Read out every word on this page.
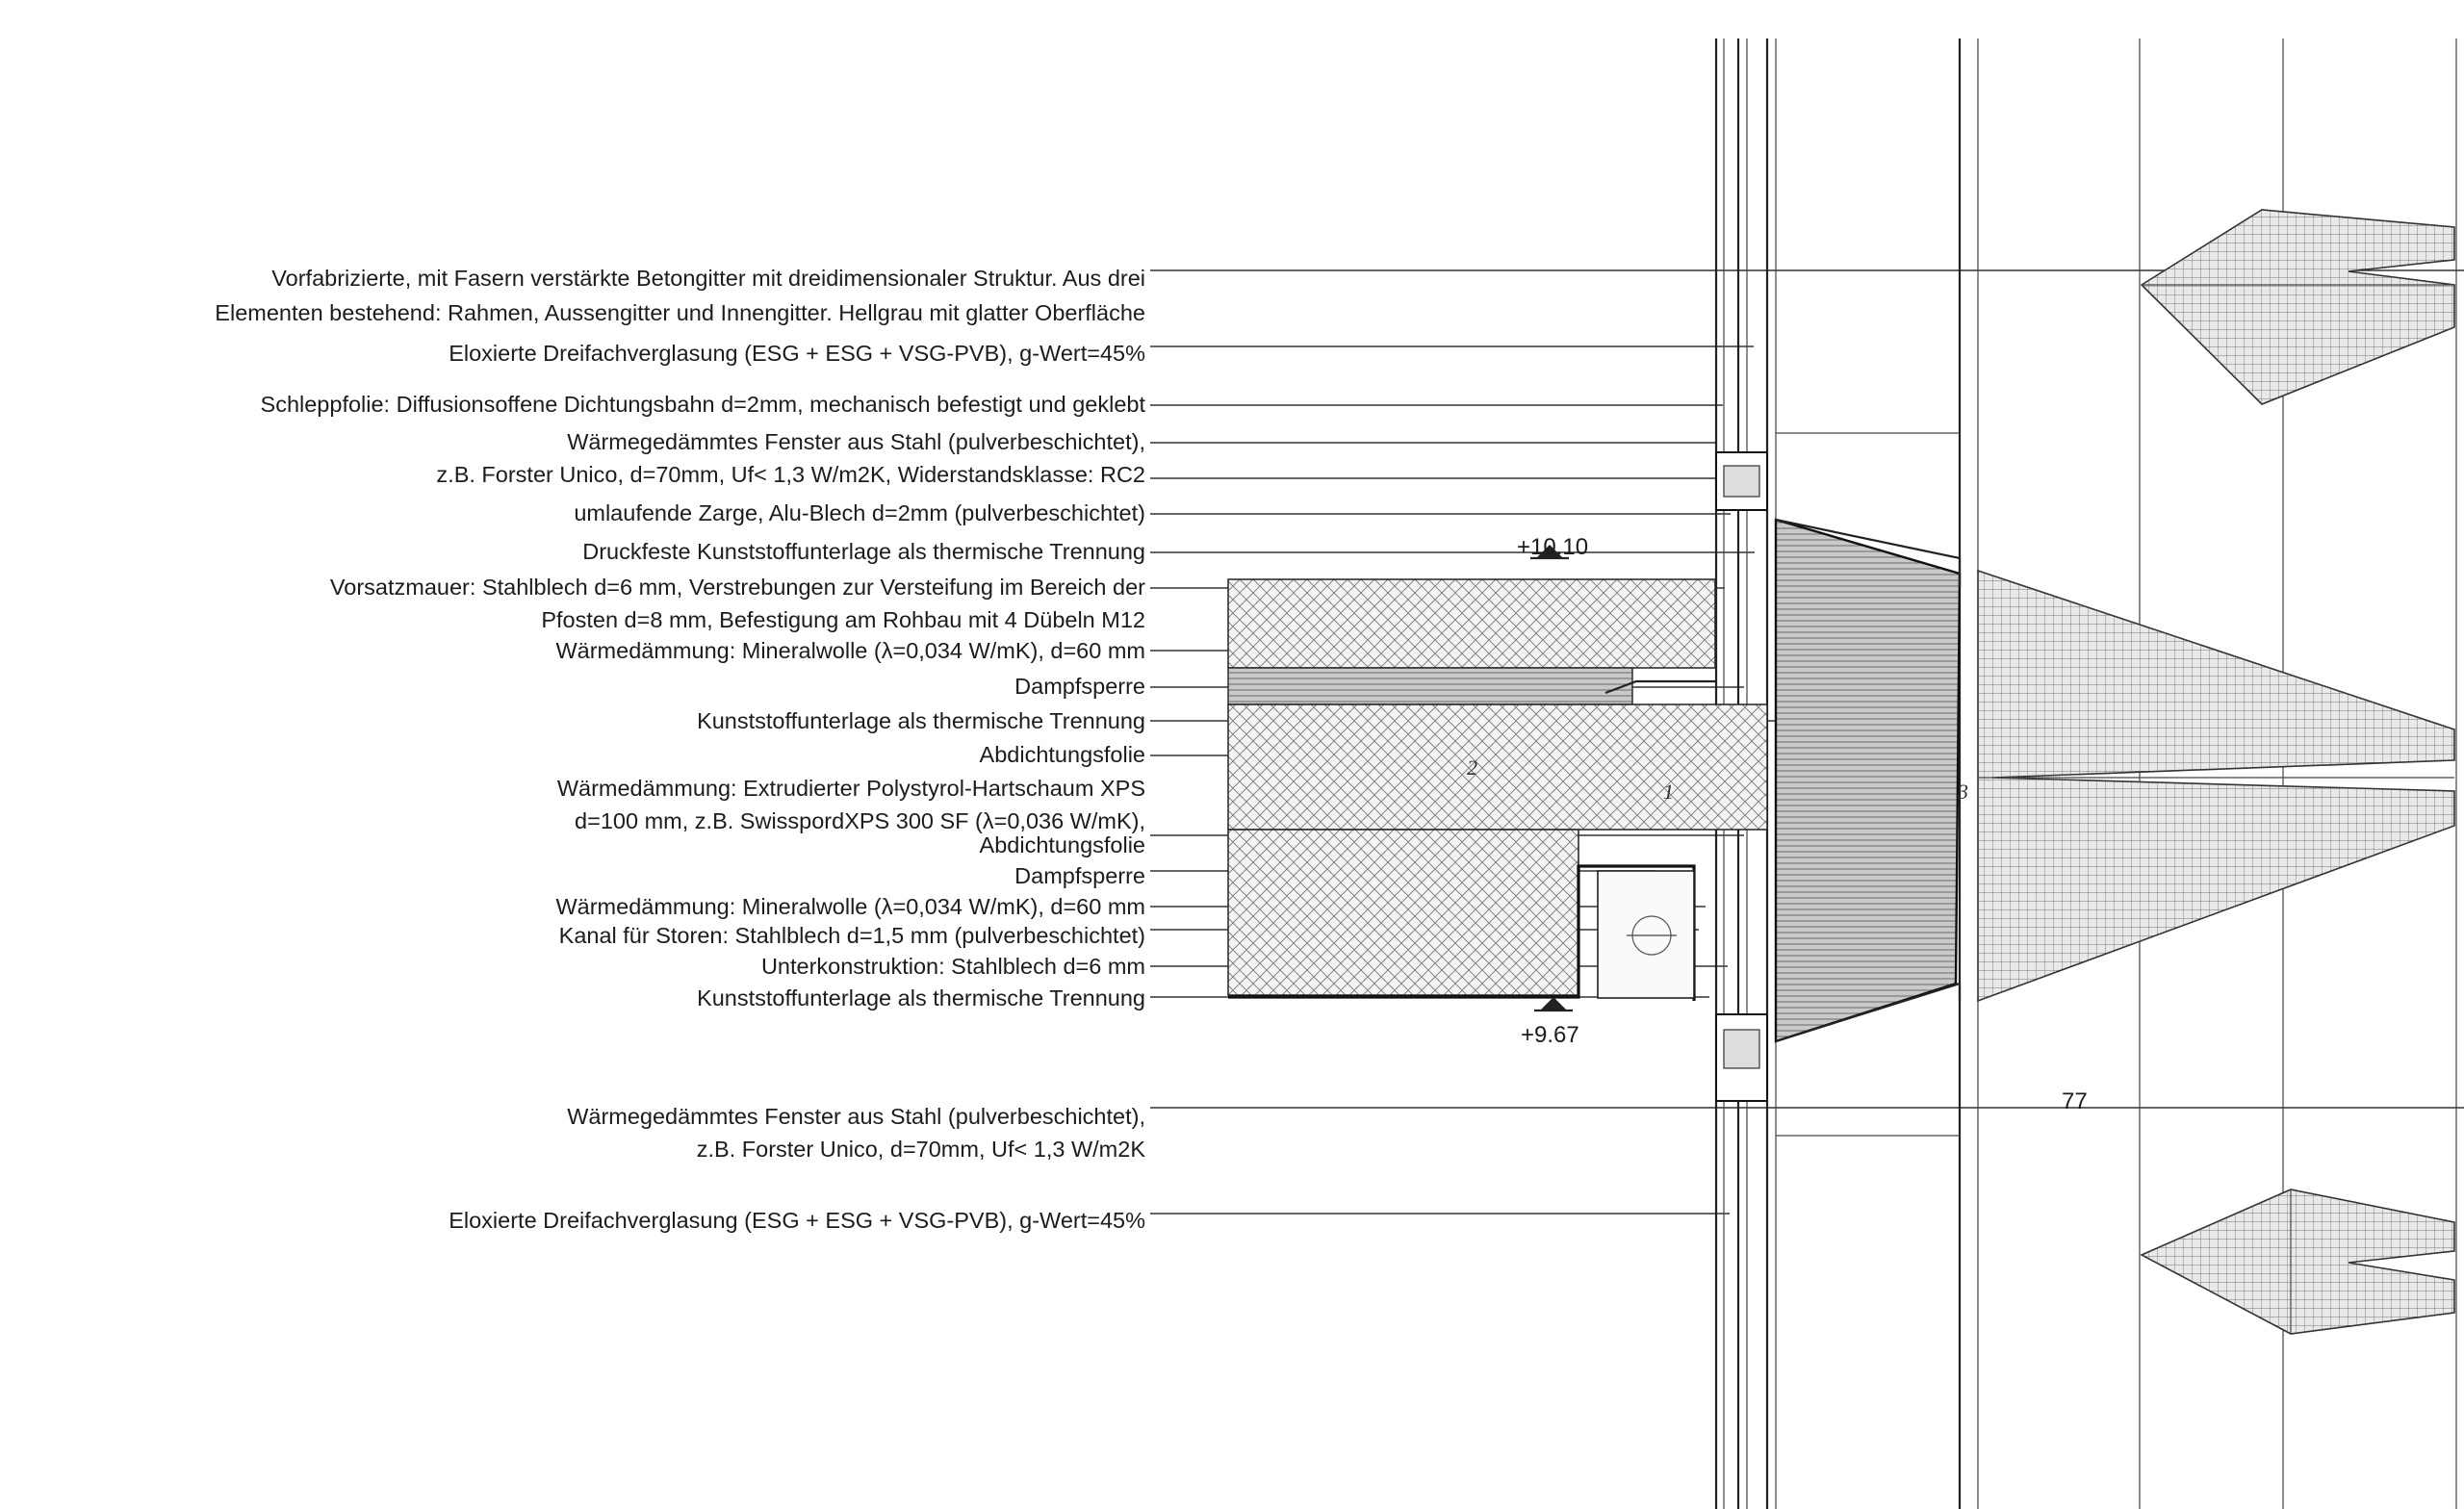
Vorfabrizierte, mit Fasern verstärkte Betongitter mit dreidimensionaler Struktur. Aus drei
Elementen bestehend: Rahmen, Aussengitter und Innengitter. Hellgrau mit glatter Oberfläche
Eloxierte Dreifachverglasung (ESG + ESG + VSG-PVB), g-Wert=45%
Schleppfolie: Diffusionsoffene Dichtungsbahn d=2mm, mechanisch befestigt und geklebt
Wärmegedämmtes Fenster aus Stahl (pulverbeschichtet),
z.B. Forster Unico, d=70mm, Uf< 1,3 W/m2K, Widerstandsklasse: RC2
umlaufende Zarge, Alu-Blech d=2mm (pulverbeschichtet)
Druckfeste Kunststoffunterlage als thermische Trennung
Vorsatzmauer: Stahlblech d=6 mm, Verstrebungen zur Versteifung im Bereich der
Pfosten d=8 mm, Befestigung am Rohbau mit 4 Dübeln M12
Wärmedämmung: Mineralwolle (λ=0,034 W/mK), d=60 mm
Dampfsperre
Kunststoffunterlage als thermische Trennung
Abdichtungsfolie
Wärmedämmung: Extrudierter Polystyrol-Hartschaum XPS
d=100 mm, z.B. SwisspordXPS 300 SF (λ=0,036 W/mK),
Abdichtungsfolie
Dampfsperre
Wärmedämmung: Mineralwolle (λ=0,034 W/mK), d=60 mm
Kanal für Storen: Stahlblech d=1,5 mm (pulverbeschichtet)
Unterkonstruktion: Stahlblech d=6 mm
Kunststoffunterlage als thermische Trennung
Wärmegedämmtes Fenster aus Stahl (pulverbeschichtet),
z.B. Forster Unico, d=70mm, Uf< 1,3 W/m2K
Eloxierte Dreifachverglasung (ESG + ESG + VSG-PVB), g-Wert=45%
+10.10
+9.67
77
2
1	3
